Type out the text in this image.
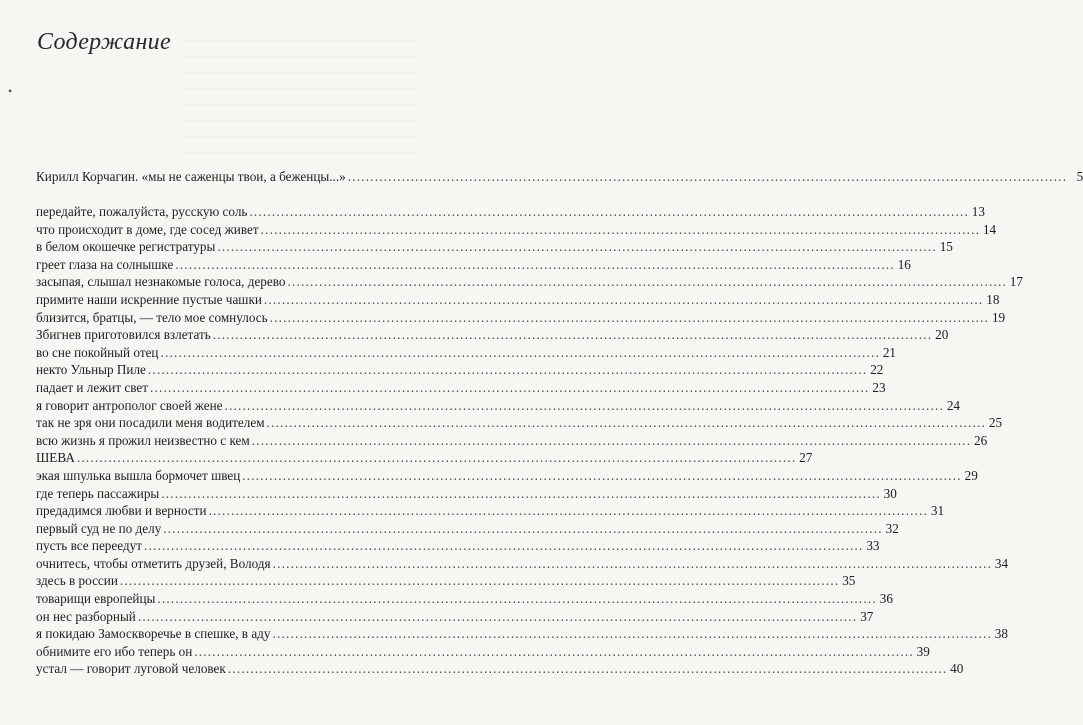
•
Содержание
Кирилл Корчагин. «мы не саженцы твои, а беженцы...» .....	5
передайте, пожалуйста, русскую соль .....	13
что происходит в доме, где сосед живет .....	14
в белом окошечке регистратуры .....	15
греет глаза на солнышке .....	16
засыпая, слышал незнакомые голоса, дерево .....	17
примите наши искренние пустые чашки .....	18
близится, братцы, — тело мое сомнулось .....	19
Збигнев приготовился взлетать .....	20
во сне покойный отец .....	21
некто Ульныр Пиле .....	22
падает и лежит свет .....	23
я говорит антрополог своей жене .....	24
так не зря они посадили меня водителем .....	25
всю жизнь я прожил неизвестно с кем .....	26
ШЕВА .....	27
экая шпулька вышла бормочет швец .....	29
где теперь пассажиры .....	30
предадимся любви и верности .....	31
первый суд не по делу .....	32
пусть все переедут .....	33
очнитесь, чтобы отметить друзей, Володя .....	34
здесь в россии .....	35
товарищи европейцы .....	36
он нес разборный .....	37
я покидаю Замоскворечье в спешке, в аду .....	38
обнимите его ибо теперь он .....	39
устал — говорит луговой человек .....	40
